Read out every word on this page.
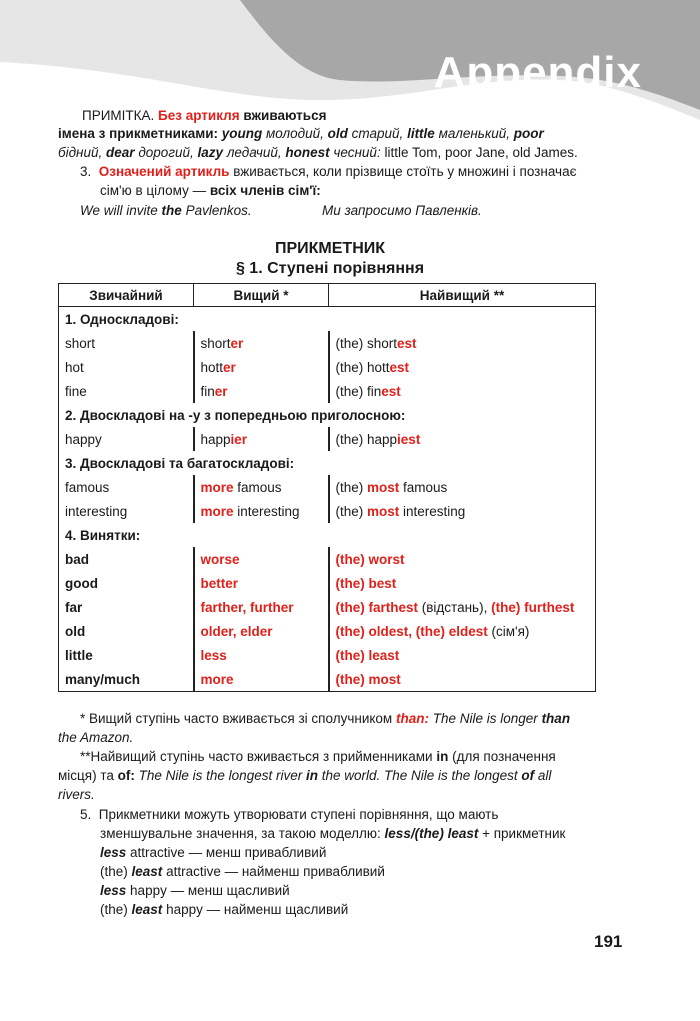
Appendix
ПРИМІТКА. Без артикля вживаються
імена з прикметниками: young молодий, old старий, little маленький, poor
бідний, dear дорогий, lazy ледачий, honest чесний: little Tom, poor Jane, old James.
3. Означений артикль вживається, коли прізвище стоїть у множині і позначає
сім'ю в цілому — всіх членів сім'ї:
We will invite the Pavlenkos.	Ми запросимо Павленків.
ПРИКМЕТНИК
§ 1. Ступені порівняння
Звичайний	Вищий *	Найвищий **
1. Односкладові:		
short	shorter	(the) shortest
hot	hotter	(the) hottest
fine	finer	(the) finest
2. Двоскладові на -у з попередньою приголосною:		
happy	happier	(the) happiest
3. Двоскладові та багатоскладові:		
famous	more famous	(the) most famous
interesting	more interesting	(the) most interesting
4. Винятки:		
bad	worse	(the) worst
good	better	(the) best
far	farther, further	(the) farthest (відстань), (the) furthest
old	older, elder	(the) oldest, (the) eldest (сім'я)
little	less	(the) least
many/much	more	(the) most
* Вищий ступінь часто вживається зі сполучником than: The Nile is longer than
the Amazon.
**Найвищий ступінь часто вживається з прийменниками in (для позначення
місця) та of: The Nile is the longest river in the world. The Nile is the longest of all
rivers.
5. Прикметники можуть утворювати ступені порівняння, що мають
зменшувальне значення, за такою моделлю: less/(the) least + прикметник
less attractive — менш привабливий
(the) least attractive — найменш привабливий
less happy — менш щасливий
(the) least happy — найменш щасливий
191
